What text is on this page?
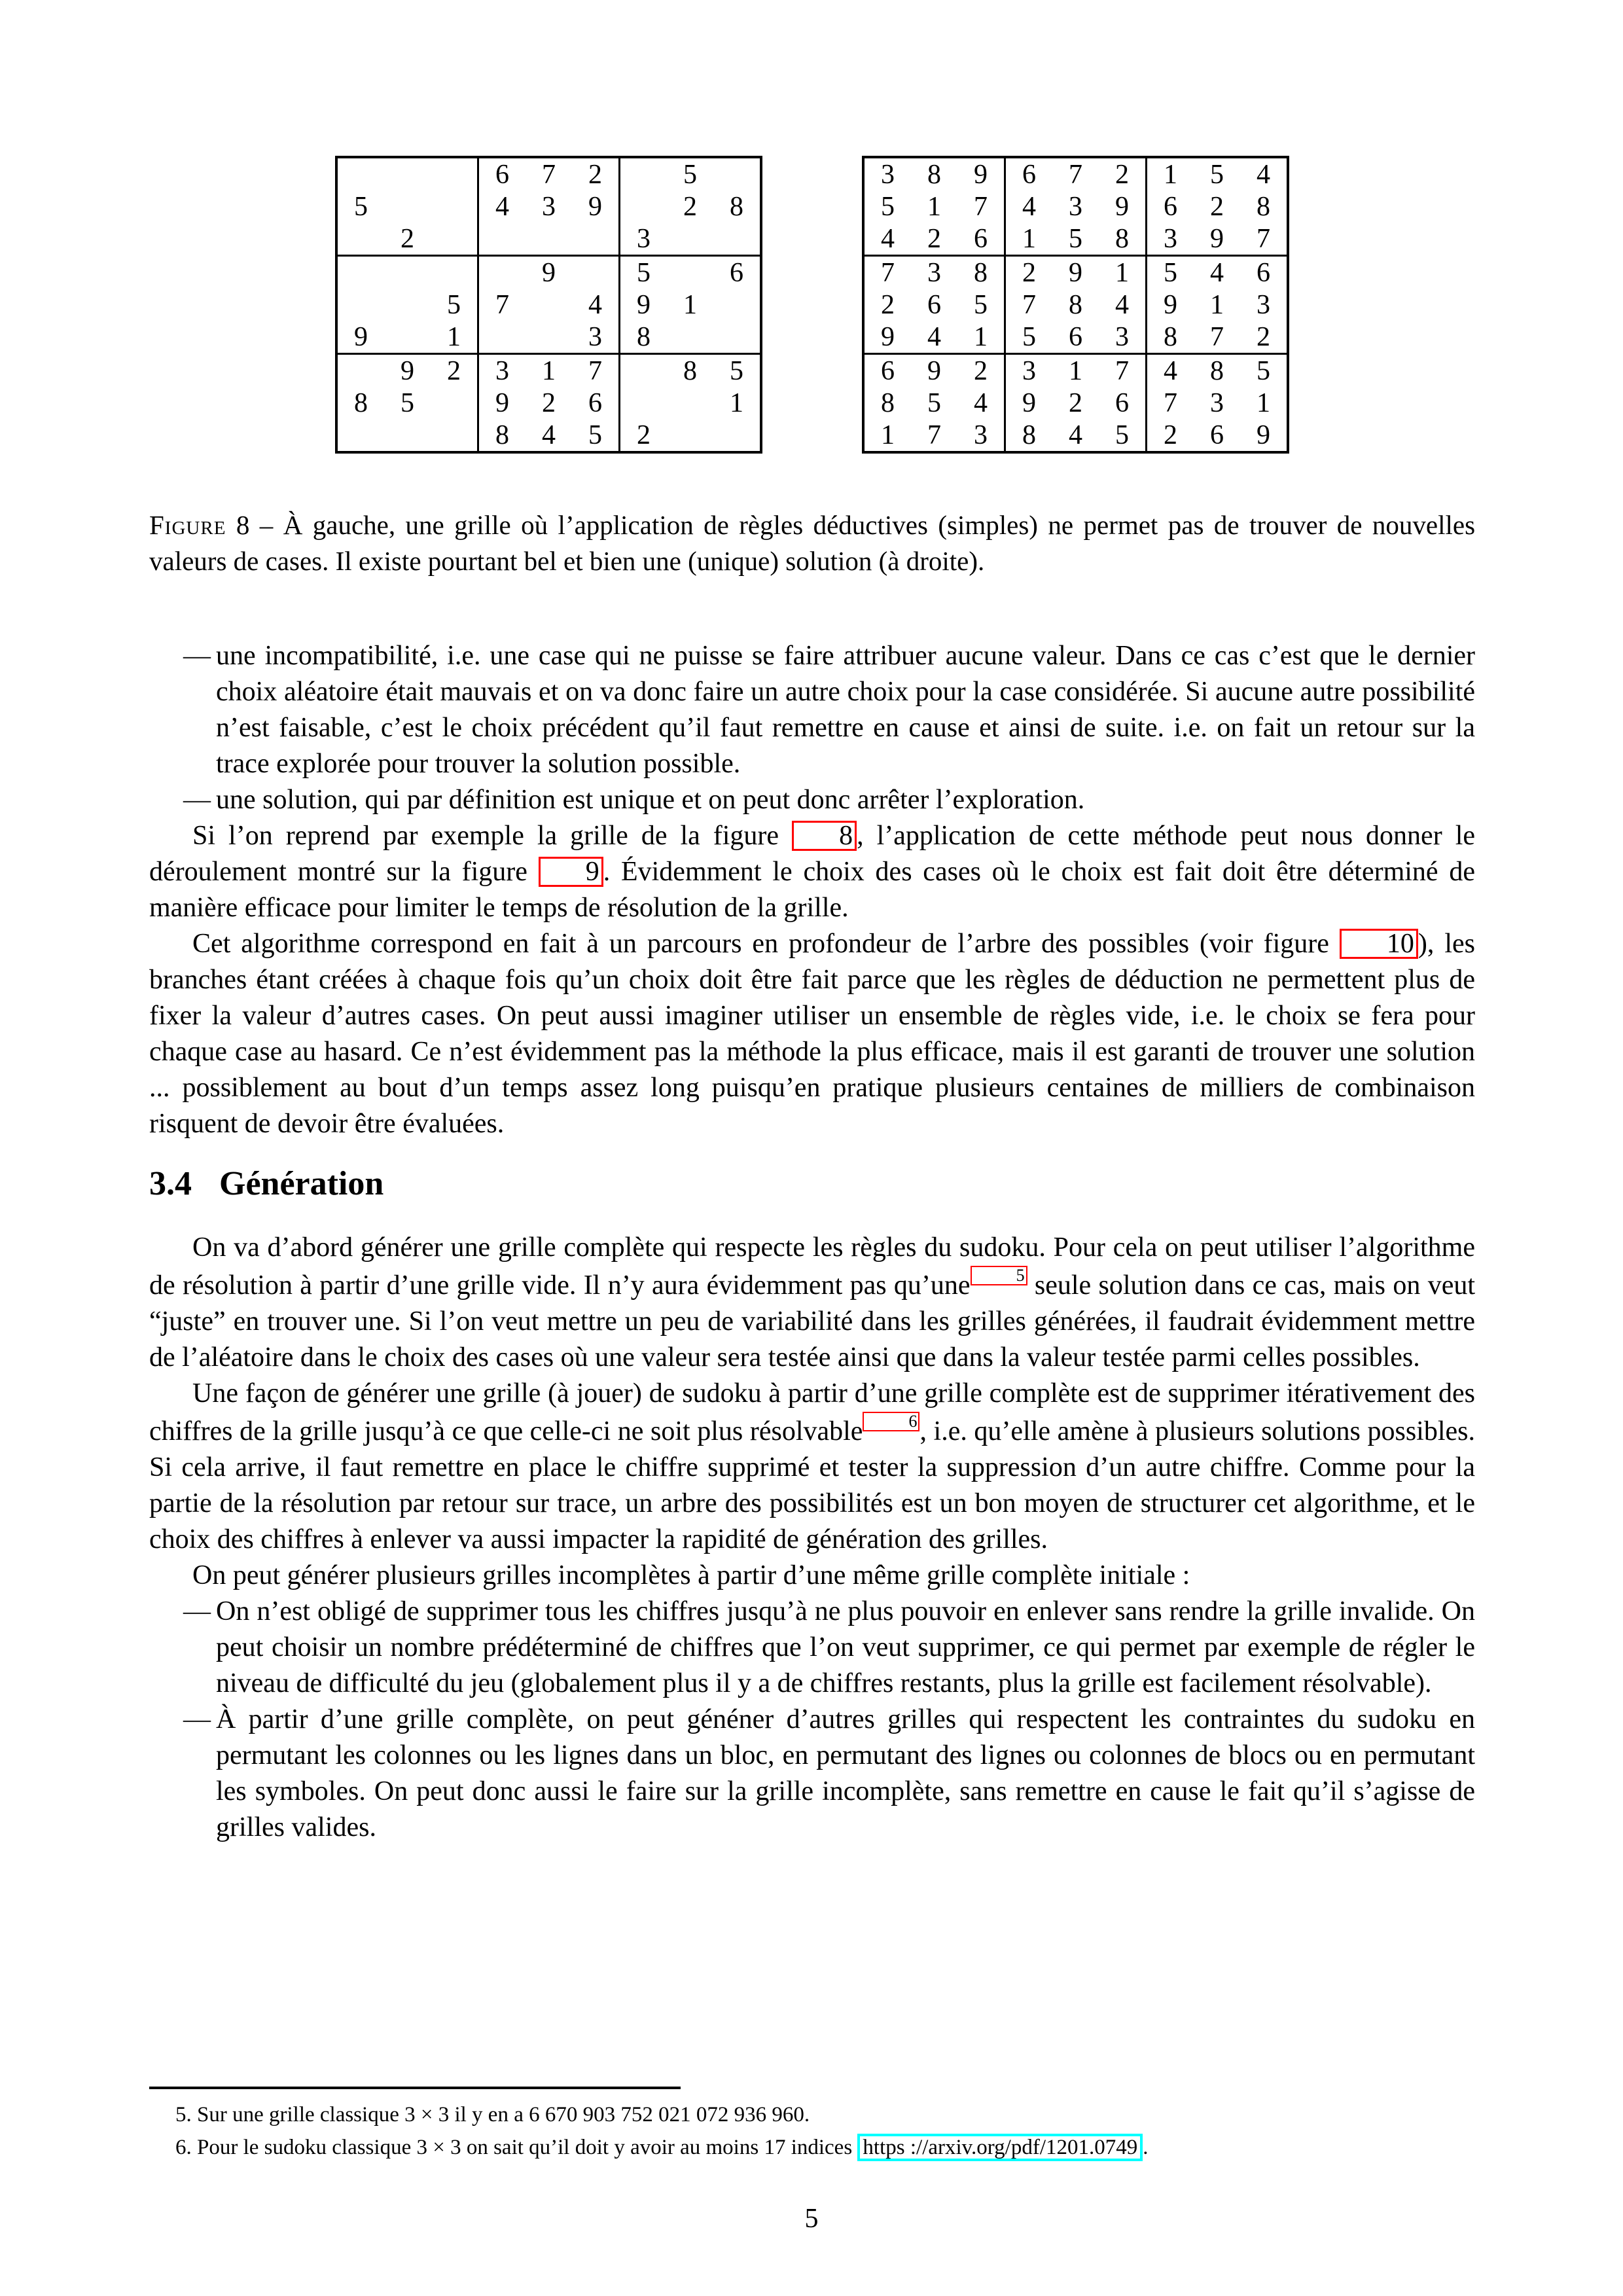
			6	7	2		5	
5			4	3	9		2	8
	2					3		
				9		5		6
		5	7		4	9	1	
9		1			3	8		
	9	2	3	1	7		8	5
8	5		9	2	6			1
			8	4	5	2		
3	8	9	6	7	2	1	5	4
5	1	7	4	3	9	6	2	8
4	2	6	1	5	8	3	9	7
7	3	8	2	9	1	5	4	6
2	6	5	7	8	4	9	1	3
9	4	1	5	6	3	8	7	2
6	9	2	3	1	7	4	8	5
8	5	4	9	2	6	7	3	1
1	7	3	8	4	5	2	6	9

Figure 8 – À gauche, une grille où l’application de règles déductives (simples) ne permet pas de trouver de nouvelles valeurs de cases. Il existe pourtant bel et bien une (unique) solution (à droite).

— une incompatibilité, i.e. une case qui ne puisse se faire attribuer aucune valeur. Dans ce cas c’est que le dernier choix aléatoire était mauvais et on va donc faire un autre choix pour la case considérée. Si aucune autre possibilité n’est faisable, c’est le choix précédent qu’il faut remettre en cause et ainsi de suite. i.e. on fait un retour sur la trace explorée pour trouver la solution possible.
— une solution, qui par définition est unique et on peut donc arrêter l’exploration.

Si l’on reprend par exemple la grille de la figure 8 , l’application de cette méthode peut nous donner le déroulement montré sur la figure 9 . Évidemment le choix des cases où le choix est fait doit être déterminé de manière efficace pour limiter le temps de résolution de la grille.

Cet algorithme correspond en fait à un parcours en profondeur de l’arbre des possibles (voir figure 10 ), les branches étant créées à chaque fois qu’un choix doit être fait parce que les règles de déduction ne permettent plus de fixer la valeur d’autres cases. On peut aussi imaginer utiliser un ensemble de règles vide, i.e. le choix se fera pour chaque case au hasard. Ce n’est évidemment pas la méthode la plus efficace, mais il est garanti de trouver une solution ... possiblement au bout d’un temps assez long puisqu’en pratique plusieurs centaines de milliers de combinaison risquent de devoir être évaluées.

3.4 Génération

On va d’abord générer une grille complète qui respecte les règles du sudoku. Pour cela on peut utiliser l’algorithme de résolution à partir d’une grille vide. Il n’y aura évidemment pas qu’une	5 seule solution dans ce cas, mais on veut “juste” en trouver une. Si l’on veut mettre un peu de variabilité dans les grilles générées, il faudrait évidemment mettre de l’aléatoire dans le choix des cases où une valeur sera testée ainsi que dans la valeur testée parmi celles possibles.

Une façon de générer une grille (à jouer) de sudoku à partir d’une grille complète est de supprimer itérativement des chiffres de la grille jusqu’à ce que celle-ci ne soit plus résolvable	6, i.e. qu’elle amène à plusieurs solutions possibles. Si cela arrive, il faut remettre en place le chiffre supprimé et tester la suppression d’un autre chiffre. Comme pour la partie de la résolution par retour sur trace, un arbre des possibilités est un bon moyen de structurer cet algorithme, et le choix des chiffres à enlever va aussi impacter la rapidité de génération des grilles.

On peut générer plusieurs grilles incomplètes à partir d’une même grille complète initiale :

— On n’est obligé de supprimer tous les chiffres jusqu’à ne plus pouvoir en enlever sans rendre la grille invalide. On peut choisir un nombre prédéterminé de chiffres que l’on veut supprimer, ce qui permet par exemple de régler le niveau de difficulté du jeu (globalement plus il y a de chiffres restants, plus la grille est facilement résolvable).
— À partir d’une grille complète, on peut généner d’autres grilles qui respectent les contraintes du sudoku en permutant les colonnes ou les lignes dans un bloc, en permutant des lignes ou colonnes de blocs ou en permutant les symboles. On peut donc aussi le faire sur la grille incomplète, sans remettre en cause le fait qu’il s’agisse de grilles valides.

5. Sur une grille classique 3 × 3 il y en a 6 670 903 752 021 072 936 960.

6. Pour le sudoku classique 3 × 3 on sait qu’il doit y avoir au moins 17 indices https ://arxiv.org/pdf/1201.0749 .

5
